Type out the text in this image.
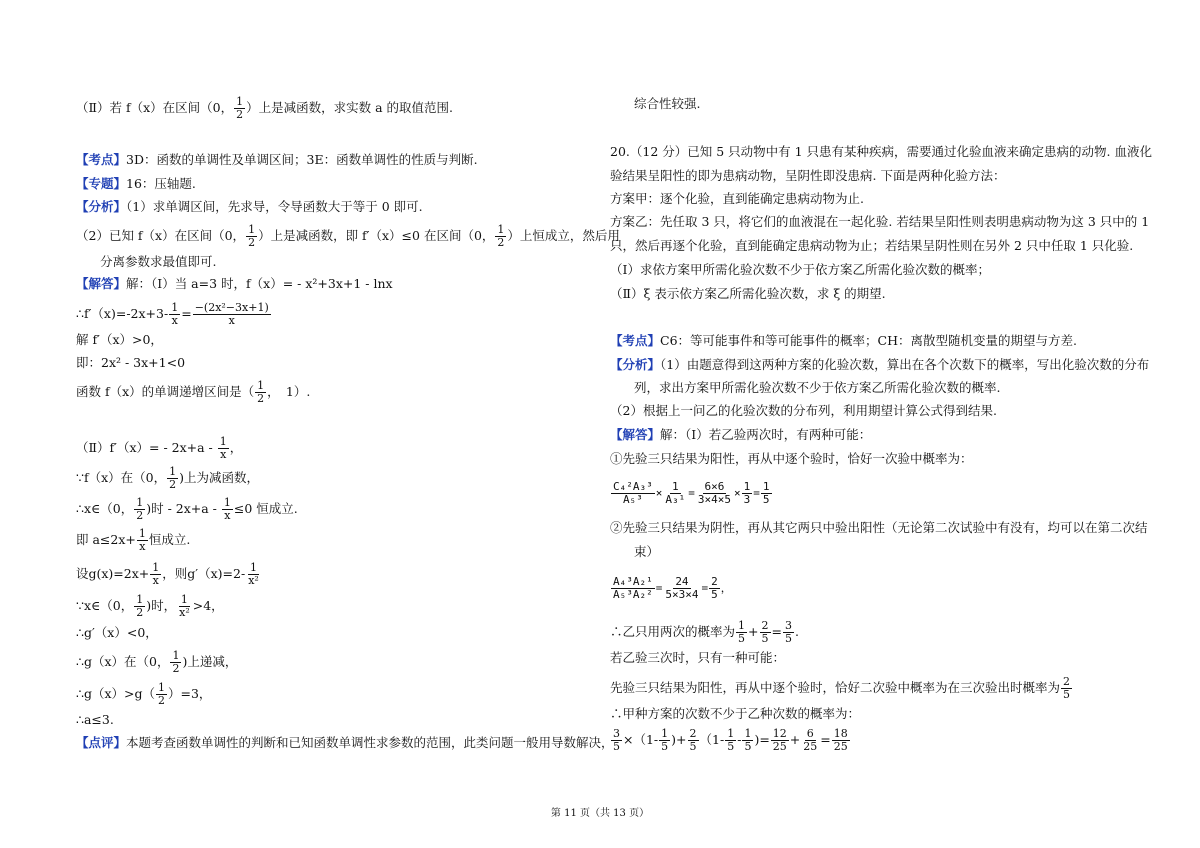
（Ⅱ）若 f（x）在区间（0， $\frac{1}{2}$ ）上是减函数，求实数 a 的取值范围.
【考点】3D：函数的单调性及单调区间；3E：函数单调性的性质与判断.
【专题】16：压轴题.
【分析】（1）求单调区间，先求导，令导函数大于等于 0 即可.
（2）已知 f（x）在区间（0， $\frac{1}{2}$ ）上是减函数，即 f′（x）≤0 在区间（0， $\frac{1}{2}$ ）上恒成立，然后用
分离参数求最值即可.
【解答】解：（Ⅰ）当 a=3 时，f（x）= - x²+3x+1 - lnx
∴f′（x)=-2x+3- $\frac{1}{x} = \frac{\text{−(2x²−3x+1)}}{x}$
解 f′（x）>0，
即：2x² - 3x+1<0
函数 f（x）的单调递增区间是（ $\frac{1}{2}$ ，　1）.
（Ⅱ）f′（x）= - $2x+a - \frac{1}{x}$ ，
∵f（x）在（0， $\frac{1}{2}$ )上为减函数，
∴x∈（0， $\frac{1}{2}$ )时 - $2x+a - \frac{1}{x} \le 0$ 恒成立.
即 $a\le 2x+ \frac{1}{x}$ 恒成立.
设$g(x)=2x+ \frac{1}{x}$ ，则$g'(x)=2- \frac{1}{\text{x²}}$
∵x∈（0， $\frac{1}{2}$ )时， $\frac{1}{\text{x²}} >4$，
∴g′（x）<0，
∴g（x）在（0， $\frac{1}{2}$ )上递减，
∴g（x）>g（ $\frac{1}{2} )=3$，
∴a≤3.
【点评】本题考查函数单调性的判断和已知函数单调性求参数的范围，此类问题一般用导数解决，
综合性较强.
20.（12 分）已知 5 只动物中有 1 只患有某种疾病，需要通过化验血液来确定患病的动物. 血液化
验结果呈阳性的即为患病动物，呈阴性即没患病. 下面是两种化验方法：
方案甲：逐个化验，直到能确定患病动物为止.
方案乙：先任取 3 只，将它们的血液混在一起化验. 若结果呈阳性则表明患病动物为这 3 只中的 1
只，然后再逐个化验，直到能确定患病动物为止；若结果呈阴性则在另外 2 只中任取 1 只化验.
（Ⅰ）求依方案甲所需化验次数不少于依方案乙所需化验次数的概率；
（Ⅱ）ξ 表示依方案乙所需化验次数，求 ξ 的期望.
【考点】C6：等可能事件和等可能事件的概率；CH：离散型随机变量的期望与方差.
【分析】（1）由题意得到这两种方案的化验次数，算出在各个次数下的概率，写出化验次数的分布
列，求出方案甲所需化验次数不少于依方案乙所需化验次数的概率.
（2）根据上一问乙的化验次数的分布列，利用期望计算公式得到结果.
【解答】解：（Ⅰ）若乙验两次时，有两种可能：
①先验三只结果为阳性，再从中逐个验时，恰好一次验中概率为：
$\frac{\text{C₄²A₃³}}{\text{A₅³}} \times \frac{1}{\text{A₃¹}} = \frac{6\times 6}{3\times 4\times 5} \times \frac{1}{3} = \frac{1}{5}$
②先验三只结果为阴性，再从其它两只中验出阳性（无论第二次试验中有没有，均可以在第二次结
束）
$\frac{\text{A₄³A₂¹}}{\text{A₅³A₂²}} = \frac{24}{5\times 3\times 4} = \frac{2}{5}$ ，
∴乙只用两次的概率为 $\frac{1}{5} + \frac{2}{5} = \frac{3}{5}$ .
若乙验三次时，只有一种可能：
先验三只结果为阳性，再从中逐个验时，恰好二次验中概率为在三次验出时概率为 $\frac{2}{5}$
∴甲种方案的次数不少于乙种次数的概率为：
$\frac{3}{5} \times(1- \frac{1}{5}$ )+ $\frac{2}{5} (1- \frac{1}{5} - \frac{1}{5}$ )= $\frac{12}{25} + \frac{6}{25} = \frac{18}{25}$
第 11 页（共 13 页）
